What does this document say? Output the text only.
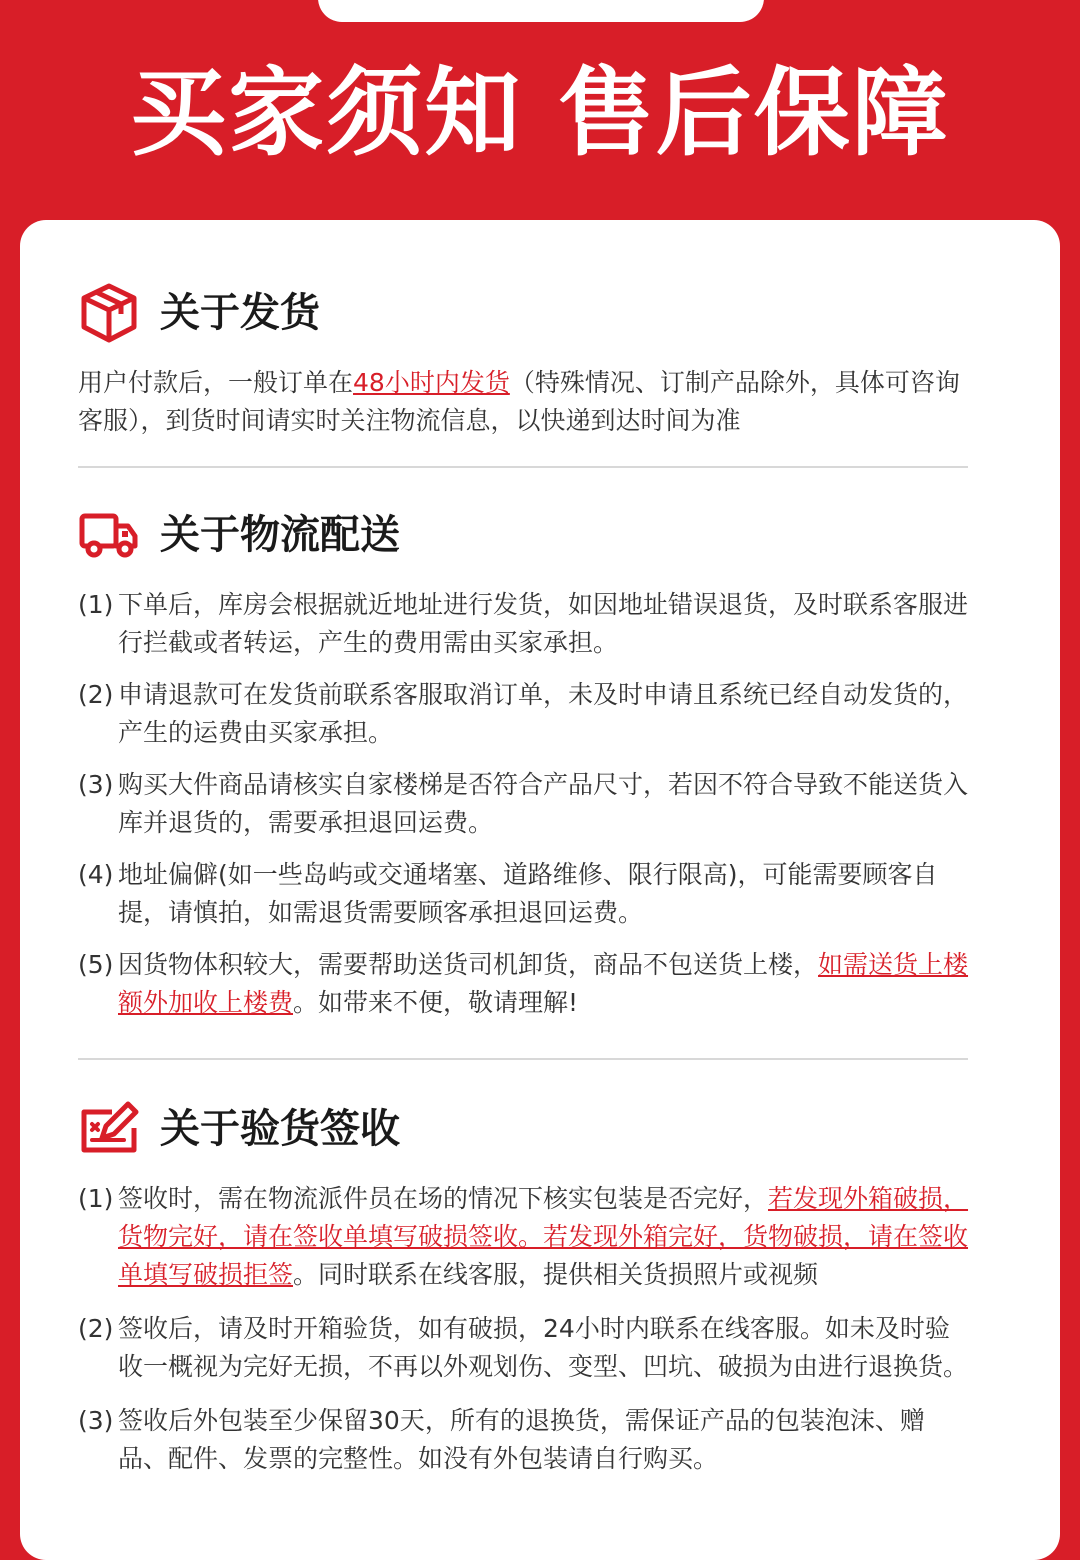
买家须知 售后保障
关于发货

用户付款后，一般订单在48小时内发货（特殊情况、订制产品除外，具体可咨询客服），到货时间请实时关注物流信息，以快递到达时间为准

关于物流配送
(1) 下单后，库房会根据就近地址进行发货，如因地址错误退货，及时联系客服进行拦截或者转运，产生的费用需由买家承担。
(2) 申请退款可在发货前联系客服取消订单，未及时申请且系统已经自动发货的，产生的运费由买家承担。
(3) 购买大件商品请核实自家楼梯是否符合产品尺寸，若因不符合导致不能送货入库并退货的，需要承担退回运费。
(4) 地址偏僻(如一些岛屿或交通堵塞、道路维修、限行限高)，可能需要顾客自提，请慎拍，如需退货需要顾客承担退回运费。
(5) 因货物体积较大，需要帮助送货司机卸货，商品不包送货上楼，如需送货上楼额外加收上楼费。如带来不便，敬请理解!
关于验货签收
(1) 签收时，需在物流派件员在场的情况下核实包装是否完好，若发现外箱破损，货物完好，请在签收单填写破损签收。若发现外箱完好，货物破损，请在签收单填写破损拒签。同时联系在线客服，提供相关货损照片或视频
(2) 签收后，请及时开箱验货，如有破损，24小时内联系在线客服。如未及时验收一概视为完好无损，不再以外观划伤、变型、凹坑、破损为由进行退换货。
(3) 签收后外包装至少保留30天，所有的退换货，需保证产品的包装泡沫、赠品、配件、发票的完整性。如没有外包装请自行购买。
